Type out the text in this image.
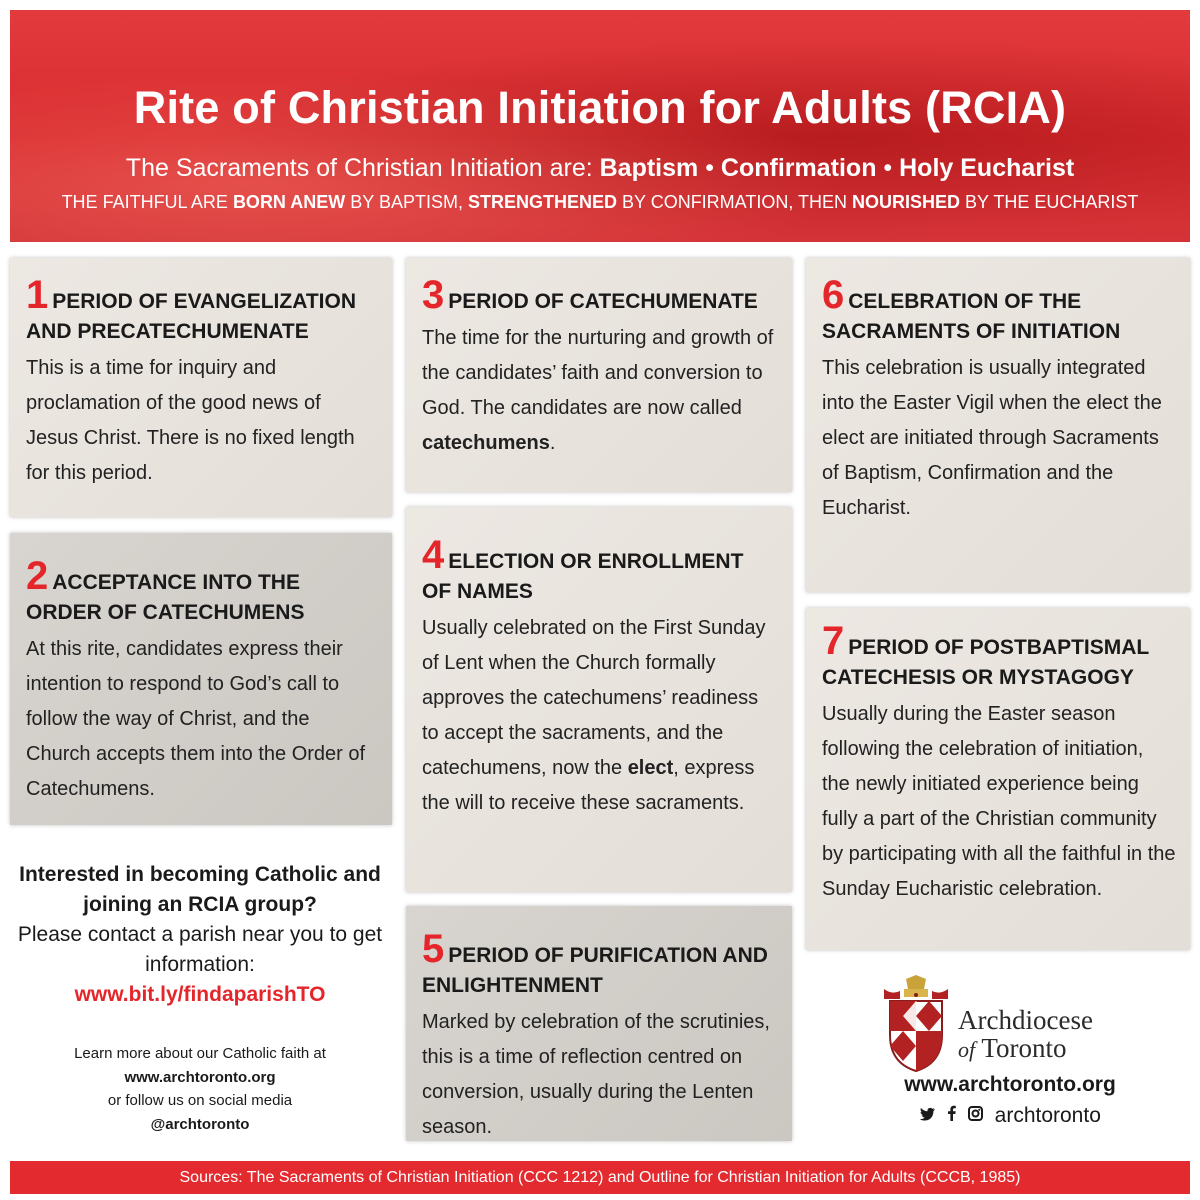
Rite of Christian Initiation for Adults (RCIA)
The Sacraments of Christian Initiation are: Baptism • Confirmation • Holy Eucharist
THE FAITHFUL ARE BORN ANEW BY BAPTISM, STRENGTHENED BY CONFIRMATION, THEN NOURISHED BY THE EUCHARIST
1 PERIOD OF EVANGELIZATION AND PRECATECHUMENATE
This is a time for inquiry and proclamation of the good news of Jesus Christ. There is no fixed length for this period.
2 ACCEPTANCE INTO THE ORDER OF CATECHUMENS
At this rite, candidates express their intention to respond to God’s call to follow the way of Christ, and the Church accepts them into the Order of Catechumens.
3 PERIOD OF CATECHUMENATE
The time for the nurturing and growth of the candidates’ faith and conversion to God. The candidates are now called catechumens.
4 ELECTION OR ENROLLMENT OF NAMES
Usually celebrated on the First Sunday of Lent when the Church formally approves the catechumens’ readiness to accept the sacraments, and the catechumens, now the elect, express the will to receive these sacraments.
5 PERIOD OF PURIFICATION AND ENLIGHTENMENT
Marked by celebration of the scrutinies, this is a time of reflection centred on conversion, usually during the Lenten season.
6 CELEBRATION OF THE SACRAMENTS OF INITIATION
This celebration is usually integrated into the Easter Vigil when the elect the elect are initiated through Sacraments of Baptism, Confirmation and the Eucharist.
7 PERIOD OF POSTBAPTISMAL CATECHESIS OR MYSTAGOGY
Usually during the Easter season following the celebration of initiation, the newly initiated experience being fully a part of the Christian community by participating with all the faithful in the Sunday Eucharistic celebration.
Interested in becoming Catholic and joining an RCIA group?
Please contact a parish near you to get information:
www.bit.ly/findaparishTO
Learn more about our Catholic faith at
www.archtoronto.org
or follow us on social media
@archtoronto
Archdiocese
of Toronto
www.archtoronto.org
archtoronto
Sources: The Sacraments of Christian Initiation (CCC 1212) and Outline for Christian Initiation for Adults (CCCB, 1985)
